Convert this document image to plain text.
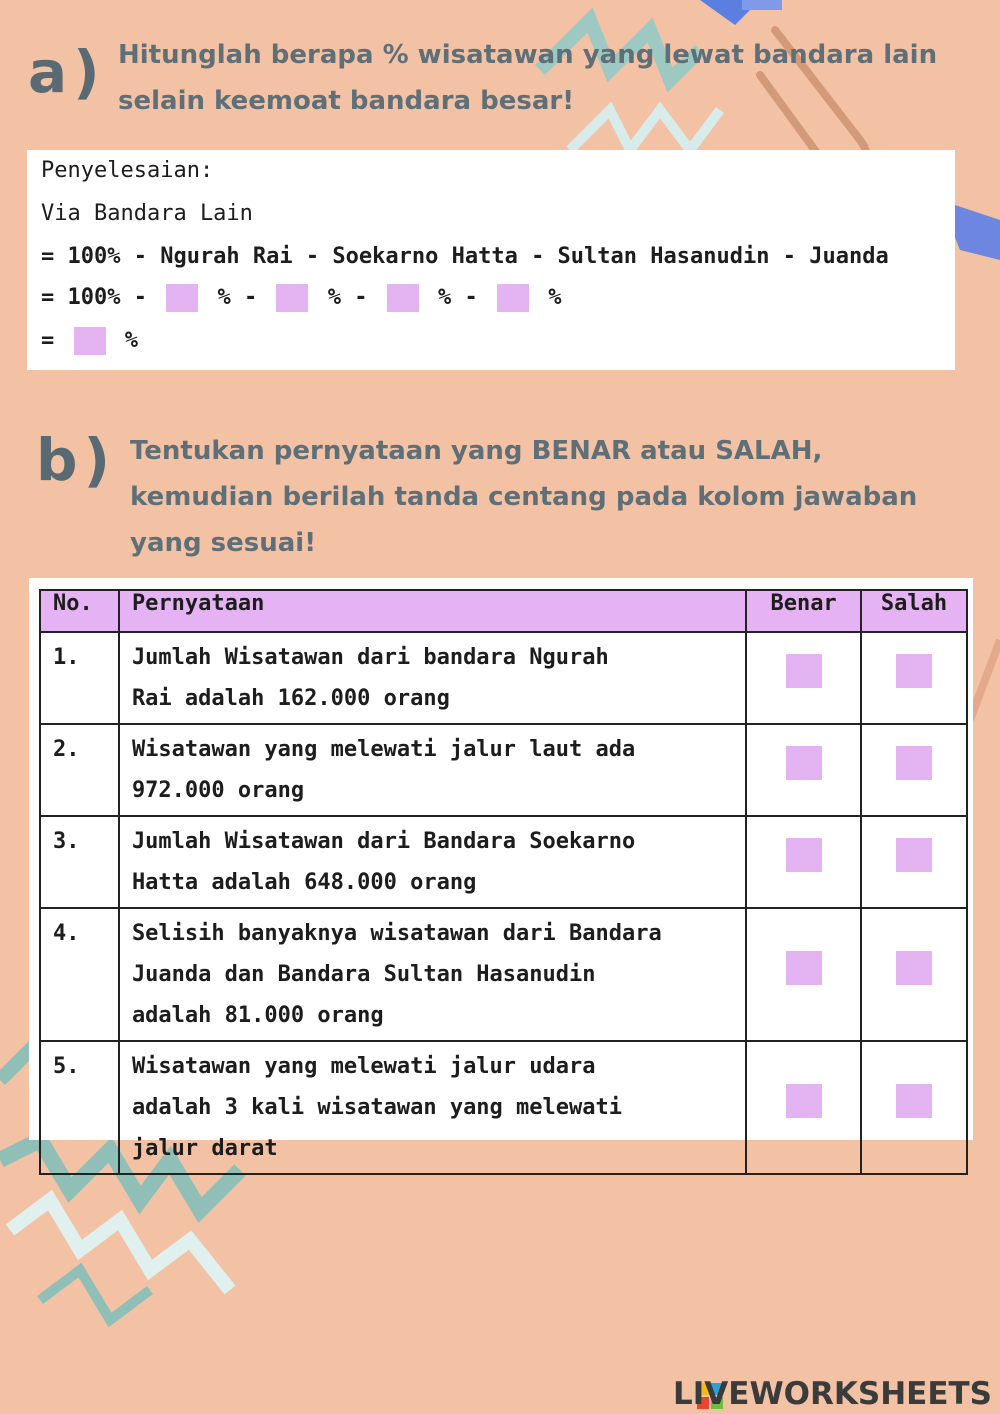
a) Hitunglah berapa % wisatawan yang lewat bandara lain
selain keemoat bandara besar!
Penyelesaian:
Via Bandara Lain
= 100% - Ngurah Rai - Soekarno Hatta - Sultan Hasanudin - Juanda
= 100% -	% -	% -	% -	%
=	%
b) Tentukan pernyataan yang BENAR atau SALAH,
kemudian berilah tanda centang pada kolom jawaban
yang sesuai!
No.	Pernyataan	Benar	Salah
1.	Jumlah Wisatawan dari bandara Ngurah
Rai adalah 162.000 orang		

2.	Wisatawan yang melewati jalur laut ada
972.000 orang		

3.	Jumlah Wisatawan dari Bandara Soekarno
Hatta adalah 648.000 orang		

4.	Selisih banyaknya wisatawan dari Bandara
Juanda dan Bandara Sultan Hasanudin
adalah 81.000 orang		

5.	Wisatawan yang melewati jalur udara
adalah 3 kali wisatawan yang melewati
jalur darat		

LIVEWORKSHEETS
